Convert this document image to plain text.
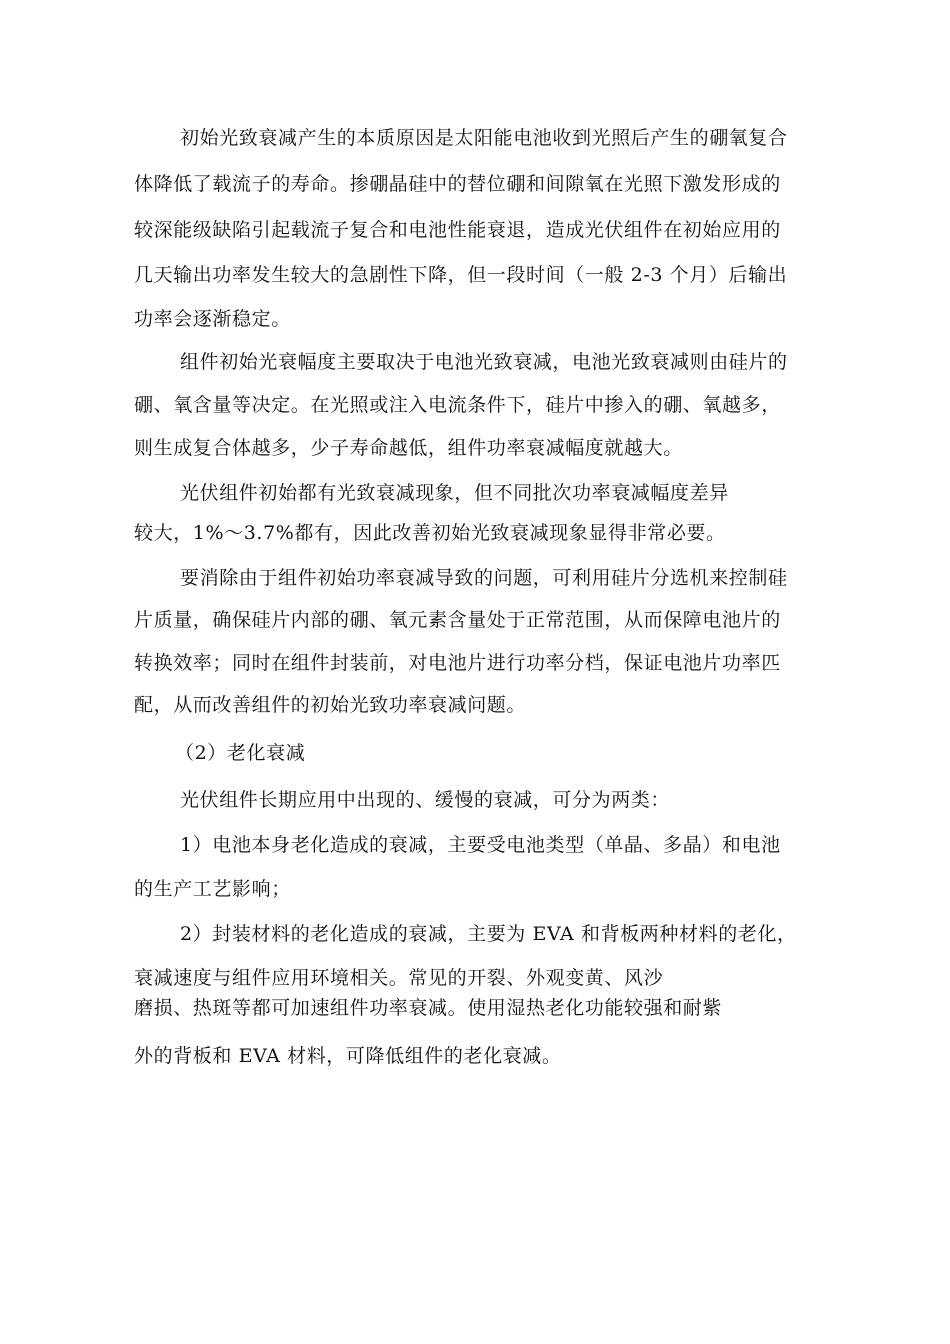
初始光致衰减产生的本质原因是太阳能电池收到光照后产生的硼氧复合
体降低了载流子的寿命。掺硼晶硅中的替位硼和间隙氧在光照下激发形成的
较深能级缺陷引起载流子复合和电池性能衰退，造成光伏组件在初始应用的
几天输出功率发生较大的急剧性下降，但一段时间（一般 2-3 个月）后输出
功率会逐渐稳定。
组件初始光衰幅度主要取决于电池光致衰减，电池光致衰减则由硅片的
硼、氧含量等决定。在光照或注入电流条件下，硅片中掺入的硼、氧越多，
则生成复合体越多，少子寿命越低，组件功率衰减幅度就越大。
光伏组件初始都有光致衰减现象，但不同批次功率衰减幅度差异
较大，1%～3.7%都有，因此改善初始光致衰减现象显得非常必要。
要消除由于组件初始功率衰减导致的问题，可利用硅片分选机来控制硅
片质量，确保硅片内部的硼、氧元素含量处于正常范围，从而保障电池片的
转换效率；同时在组件封装前，对电池片进行功率分档，保证电池片功率匹
配，从而改善组件的初始光致功率衰减问题。
（2）老化衰减
光伏组件长期应用中出现的、缓慢的衰减，可分为两类：
1）电池本身老化造成的衰减，主要受电池类型（单晶、多晶）和电池
的生产工艺影响；
2）封装材料的老化造成的衰减，主要为 EVA 和背板两种材料的老化，
衰减速度与组件应用环境相关。常见的开裂、外观变黄、风沙
磨损、热斑等都可加速组件功率衰减。使用湿热老化功能较强和耐紫
外的背板和 EVA 材料，可降低组件的老化衰减。
